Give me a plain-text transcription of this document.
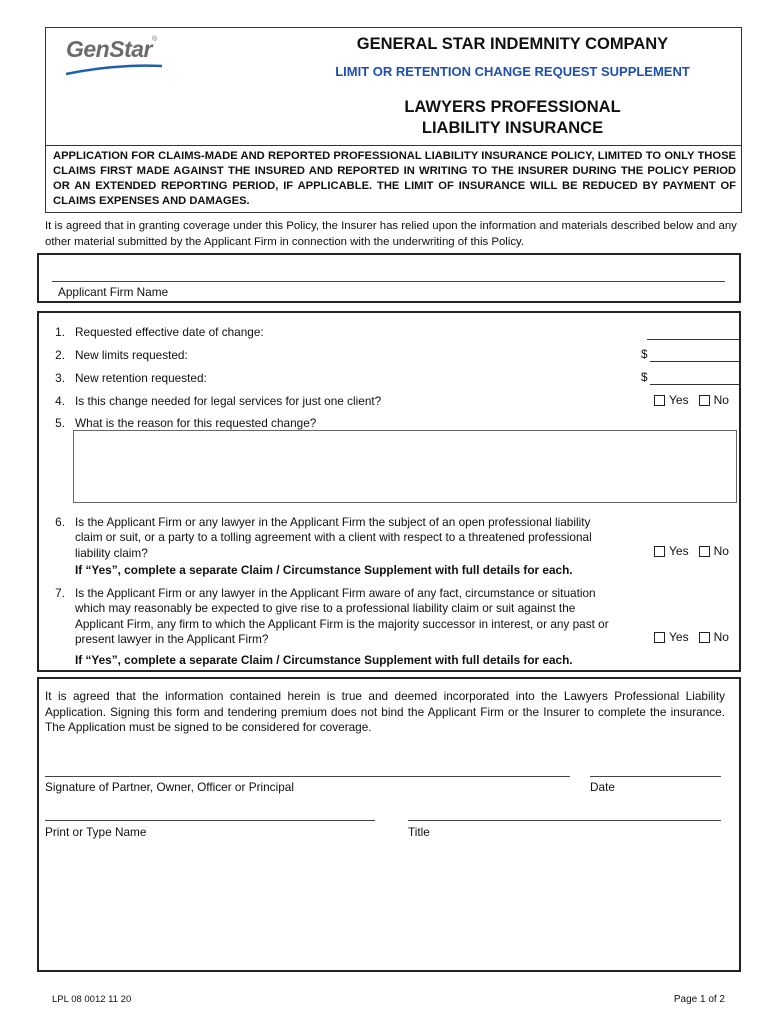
GenStar®	GENERAL STAR INDEMNITY COMPANY
LIMIT OR RETENTION CHANGE REQUEST SUPPLEMENT
LAWYERS PROFESSIONAL
LIABILITY INSURANCE
APPLICATION FOR CLAIMS-MADE AND REPORTED PROFESSIONAL LIABILITY INSURANCE POLICY, LIMITED TO ONLY THOSE CLAIMS FIRST MADE AGAINST THE INSURED AND REPORTED IN WRITING TO THE INSURER DURING THE POLICY PERIOD OR AN EXTENDED REPORTING PERIOD, IF APPLICABLE. THE LIMIT OF INSURANCE WILL BE REDUCED BY PAYMENT OF CLAIMS EXPENSES AND DAMAGES.
It is agreed that in granting coverage under this Policy, the Insurer has relied upon the information and materials described below and any other material submitted by the Applicant Firm in connection with the underwriting of this Policy.
Applicant Firm Name
1. Requested effective date of change:
2. New limits requested:	$
3. New retention requested:	$
4. Is this change needed for legal services for just one client?	Yes No
5. What is the reason for this requested change?
6. Is the Applicant Firm or any lawyer in the Applicant Firm the subject of an open professional liability
claim or suit, or a party to a tolling agreement with a client with respect to a threatened professional
liability claim?	Yes No
If “Yes”, complete a separate Claim / Circumstance Supplement with full details for each.
7. Is the Applicant Firm or any lawyer in the Applicant Firm aware of any fact, circumstance or situation
which may reasonably be expected to give rise to a professional liability claim or suit against the
Applicant Firm, any firm to which the Applicant Firm is the majority successor in interest, or any past or
present lawyer in the Applicant Firm?	Yes No
If “Yes”, complete a separate Claim / Circumstance Supplement with full details for each.
It is agreed that the information contained herein is true and deemed incorporated into the Lawyers Professional Liability Application. Signing this form and tendering premium does not bind the Applicant Firm or the Insurer to complete the insurance. The Application must be signed to be considered for coverage.
Signature of Partner, Owner, Officer or Principal	Date
Print or Type Name	Title
LPL 08 0012 11 20	Page 1 of 2
